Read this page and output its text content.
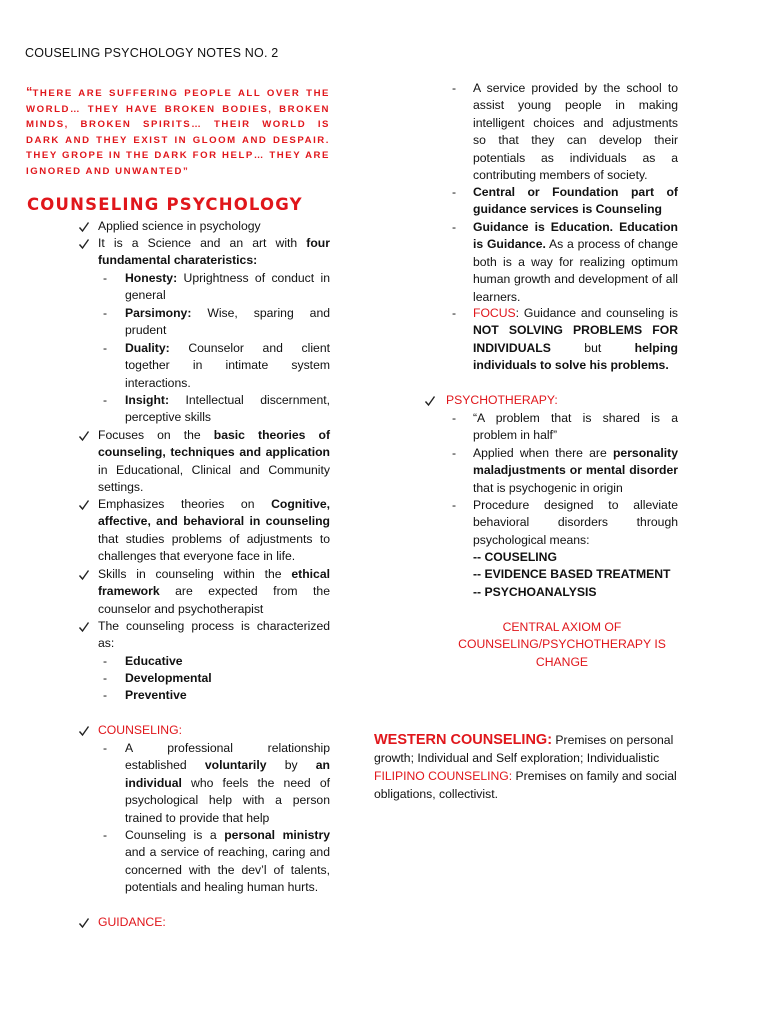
COUSELING PSYCHOLOGY NOTES NO. 2
“THERE ARE SUFFERING PEOPLE ALL OVER THE WORLD… THEY HAVE BROKEN BODIES, BROKEN MINDS, BROKEN SPIRITS… THEIR WORLD IS DARK AND THEY EXIST IN GLOOM AND DESPAIR. THEY GROPE IN THE DARK FOR HELP… THEY ARE IGNORED AND UNWANTED”
COUNSELING PSYCHOLOGY
Applied science in psychology
It is a Science and an art with four fundamental charateristics:
-	Honesty: Uprightness of conduct in general
-	Parsimony: Wise, sparing and prudent
-	Duality: Counselor and client together in intimate system interactions.
-	Insight: Intellectual discernment, perceptive skills
Focuses on the basic theories of counseling, techniques and application in Educational, Clinical and Community settings.
Emphasizes theories on Cognitive, affective, and behavioral in counseling that studies problems of adjustments to challenges that everyone face in life.
Skills in counseling within the ethical framework are expected from the counselor and psychotherapist
The counseling process is characterized as:
-	Educative
-	Developmental
-	Preventive
COUNSELING:
-	A professional relationship established voluntarily by an individual who feels the need of psychological help with a person trained to provide that help
-	Counseling is a personal ministry and a service of reaching, caring and concerned with the dev’l of talents, potentials and healing human hurts.
GUIDANCE:
-	A service provided by the school to assist young people in making intelligent choices and adjustments so that they can develop their potentials as individuals as a contributing members of society.
-	Central or Foundation part of guidance services is Counseling
-	Guidance is Education. Education is Guidance. As a process of change both is a way for realizing optimum human growth and development of all learners.
-	FOCUS: Guidance and counseling is NOT SOLVING PROBLEMS FOR INDIVIDUALS but helping individuals to solve his problems.
PSYCHOTHERAPY:
-	“A problem that is shared is a problem in half”
-	Applied when there are personality maladjustments or mental disorder that is psychogenic in origin
-	Procedure designed to alleviate behavioral disorders through psychological means:
-- COUSELING
-- EVIDENCE BASED TREATMENT
-- PSYCHOANALYSIS
CENTRAL AXIOM OF
COUNSELING/PSYCHOTHERAPY IS
CHANGE
WESTERN COUNSELING: Premises on personal growth; Individual and Self exploration; Individualistic FILIPINO COUNSELING: Premises on family and social obligations, collectivist.
